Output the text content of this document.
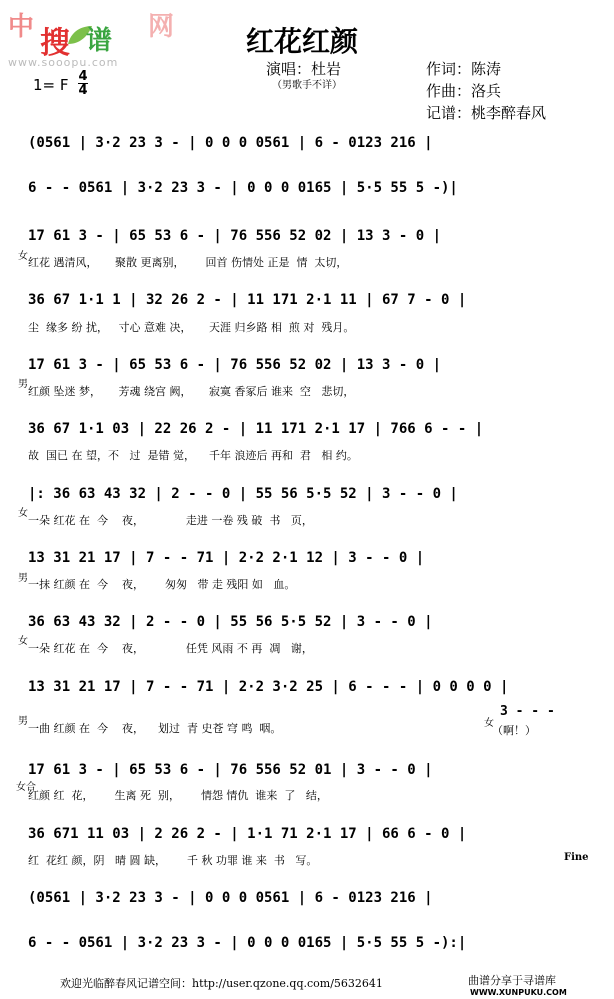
中 搜 谱 网
www.sooopu.com
红花红颜
演唱：杜岩
（男歌手不详）
作词：陈涛
作曲：洛兵
记谱：桃李醉春风
1= F 4
4
(0561 | 3·2 23 3 - | 0 0 0 0561 | 6 - 0123 216 |
6 - - 0561 | 3·2 23 3 - | 0 0 0 0165 | 5·5 55 5 -)|
17 61 3 - | 65 53 6 - | 76 556 52 02 | 13 3 - 0 |
女 红花 遇清风，     聚散 更离别，      回首 伤情处 正是  情  太切，
36 67 1·1 1 | 32 26 2 - | 11 171 2·1 11 | 67 7 - 0 |
尘  缘多 纷 扰，   寸心 意难 决，     天涯 归乡路 相  煎 对  残月。
17 61 3 - | 65 53 6 - | 76 556 52 02 | 13 3 - 0 |
男
红颜 坠迷 梦，     芳魂 绕宫 阙，     寂寞 香冢后 谁来  空   悲切，
36 67 1·1 03 | 22 26 2 - | 11 171 2·1 17 | 766 6 - - |
故  国已 在 望，不   过  是错 觉，    千年 浪迹后 再和  君   相 约。
|: 36 63 43 32 | 2 - - 0 | 55 56 5·5 52 | 3 - - 0 |
女
一朵 红花 在  今    夜，            走进 一卷 残 破  书   页，
13 31 21 17 | 7 - - 71 | 2·2 2·1 12 | 3 - - 0 |
男 一抹 红颜 在  今    夜，      匆匆   带 走 残阳 如   血。
36 63 43 32 | 2 - - 0 | 55 56 5·5 52 | 3 - - 0 |
女
一朵 红花 在  今    夜，            任凭 风雨 不 再  凋   谢，
13 31 21 17 | 7 - - 71 | 2·2 3·2 25 | 6 - - - | 0 0 0 0 |
男
一曲 红颜 在  今    夜，    划过  青 史苍 穹 鸣  咽。	女
3 - - -
（啊！）
17 61 3 - | 65 53 6 - | 76 556 52 01 | 3 - - 0 |
女合
红颜 红  花，      生离 死  别，      情怨 情仇  谁来  了   结，
36 671 11 03 | 2 26 2 - | 1·1 71 2·1 17 | 66 6 - 0 |
红  花红 颜，阴   晴 圆 缺，      千 秋 功罪 谁 来  书   写。	Fine
(0561 | 3·2 23 3 - | 0 0 0 0561 | 6 - 0123 216 |
6 - - 0561 | 3·2 23 3 - | 0 0 0 0165 | 5·5 55 5 -):|
欢迎光临醉春风记谱空间：http://user.qzone.qq.com/5632641	曲谱分享于寻谱库
WWW.XUNPUKU.COM
